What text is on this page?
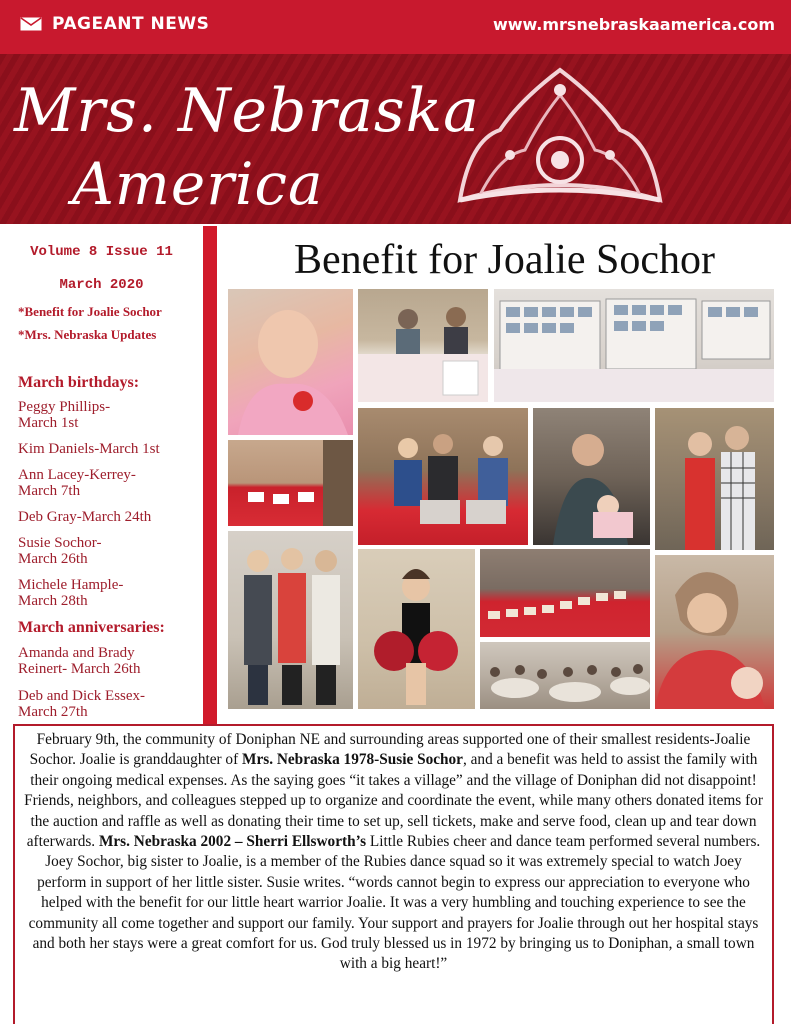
PAGEANT NEWS	www.mrsnebraskaamerica.com
Mrs. Nebraska
America
Volume 8 Issue 11
March 2020
*Benefit for Joalie Sochor
*Mrs. Nebraska Updates
March birthdays:
Peggy Phillips-
March 1st
Kim Daniels-March 1st
Ann Lacey-Kerrey-
March 7th
Deb Gray-March 24th
Susie Sochor-
March 26th
Michele Hample-
March 28th
March anniversaries:
Amanda and Brady
Reinert- March 26th
Deb and Dick Essex-
March 27th
Benefit for Joalie Sochor

February 9th, the community of Doniphan NE and surrounding areas supported one of their smallest residents-Joalie Sochor. Joalie is granddaughter of Mrs. Nebraska 1978-Susie Sochor, and a benefit was held to assist the family with their ongoing medical expenses. As the saying goes “it takes a village” and the village of Doniphan did not disappoint! Friends, neighbors, and colleagues stepped up to organize and coordinate the event, while many others donated items for the auction and raffle as well as donating their time to set up, sell tickets, make and serve food, clean up and tear down afterwards. Mrs. Nebraska 2002 – Sherri Ellsworth’s Little Rubies cheer and dance team performed several numbers. Joey Sochor, big sister to Joalie, is a member of the Rubies dance squad so it was extremely special to watch Joey perform in support of her little sister. Susie writes. “words cannot begin to express our appreciation to everyone who helped with the benefit for our little heart warrior Joalie. It was a very humbling and touching experience to see the community all come together and support our family. Your support and prayers for Joalie through out her hospital stays and both her stays were a great comfort for us. God truly blessed us in 1972 by bringing us to Doniphan, a small town with a big heart!”
